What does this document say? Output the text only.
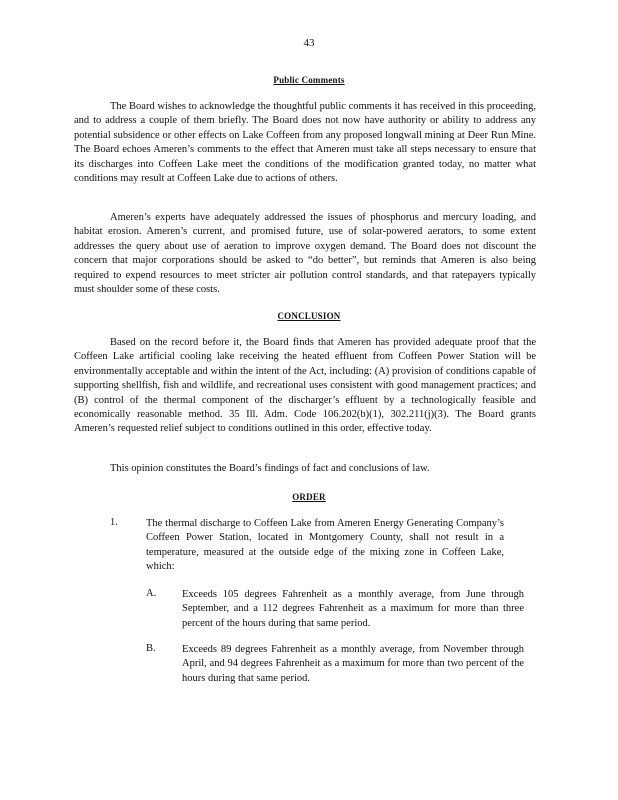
43
Public Comments

The Board wishes to acknowledge the thoughtful public comments it has received in this proceeding, and to address a couple of them briefly. The Board does not now have authority or ability to address any potential subsidence or other effects on Lake Coffeen from any proposed longwall mining at Deer Run Mine. The Board echoes Ameren’s comments to the effect that Ameren must take all steps necessary to ensure that its discharges into Coffeen Lake meet the conditions of the modification granted today, no matter what conditions may result at Coffeen Lake due to actions of others.

Ameren’s experts have adequately addressed the issues of phosphorus and mercury loading, and habitat erosion. Ameren’s current, and promised future, use of solar-powered aerators, to some extent addresses the query about use of aeration to improve oxygen demand. The Board does not discount the concern that major corporations should be asked to “do better”, but reminds that Ameren is also being required to expend resources to meet stricter air pollution control standards, and that ratepayers typically must shoulder some of these costs.

CONCLUSION

Based on the record before it, the Board finds that Ameren has provided adequate proof that the Coffeen Lake artificial cooling lake receiving the heated effluent from Coffeen Power Station will be environmentally acceptable and within the intent of the Act, including: (A) provision of conditions capable of supporting shellfish, fish and wildlife, and recreational uses consistent with good management practices; and (B) control of the thermal component of the discharger’s effluent by a technologically feasible and economically reasonable method. 35 Ill. Adm. Code 106.202(b)(1), 302.211(j)(3). The Board grants Ameren’s requested relief subject to conditions outlined in this order, effective today.

This opinion constitutes the Board’s findings of fact and conclusions of law.

ORDER
1.	The thermal discharge to Coffeen Lake from Ameren Energy Generating Company’s Coffeen Power Station, located in Montgomery County, shall not result in a temperature, measured at the outside edge of the mixing zone in Coffeen Lake, which:

A. Exceeds 105 degrees Fahrenheit as a monthly average, from June through September, and a 112 degrees Fahrenheit as a maximum for more than three percent of the hours during that same period.

B.	Exceeds 89 degrees Fahrenheit as a monthly average, from November through April, and 94 degrees Fahrenheit as a maximum for more than two percent of the hours during that same period.
